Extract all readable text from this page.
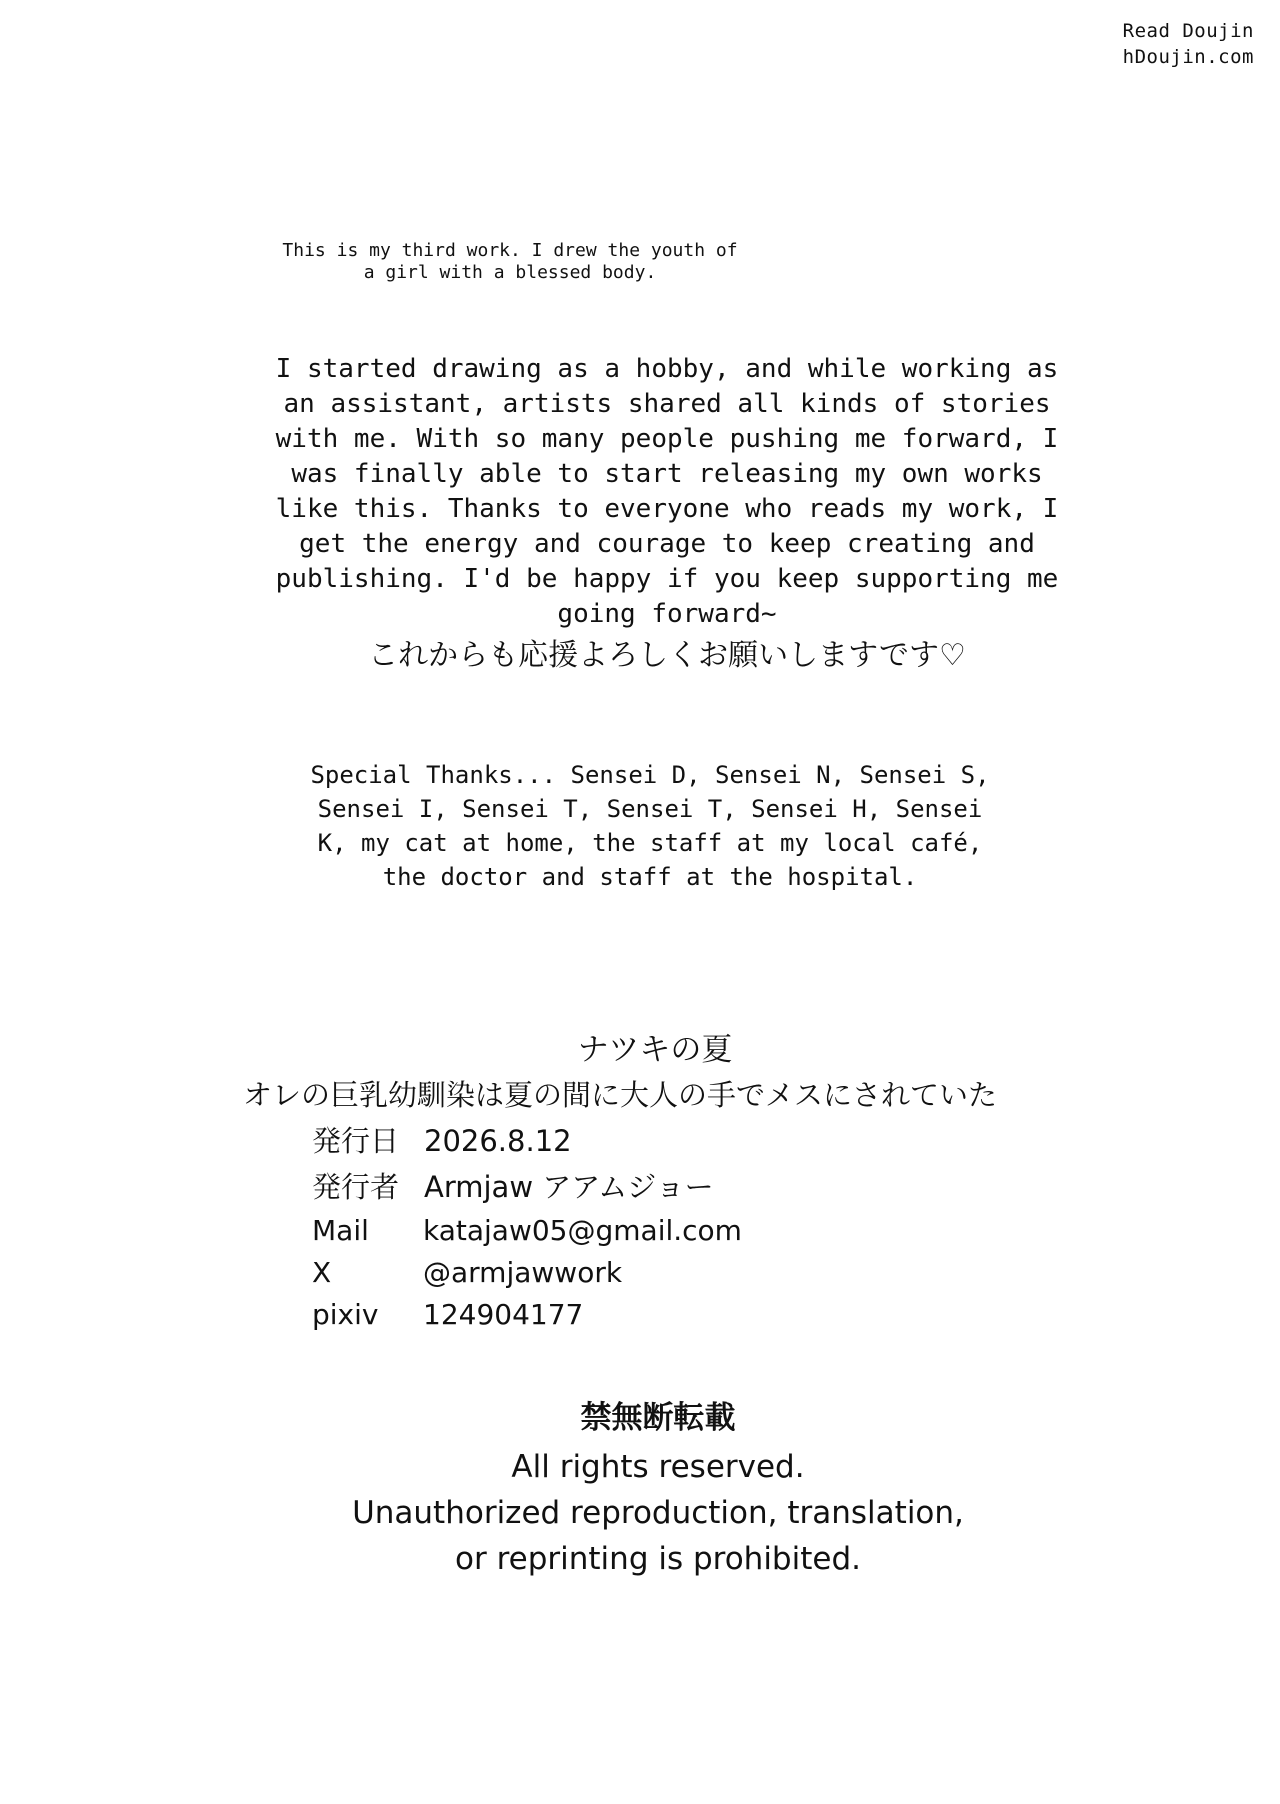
Read Doujin
hDoujin.com
This is my third work. I drew the youth of
a girl with a blessed body.
I started drawing as a hobby, and while working as an assistant, artists shared all kinds of stories with me. With so many people pushing me forward, I was finally able to start releasing my own works like this. Thanks to everyone who reads my work, I get the energy and courage to keep creating and publishing. I'd be happy if you keep supporting me going forward~
これからも応援よろしくお願いしますです♡
Special Thanks... Sensei D, Sensei N, Sensei S, Sensei I, Sensei T, Sensei T, Sensei H, Sensei K, my cat at home, the staff at my local café, the doctor and staff at the hospital.
ナツキの夏
オレの巨乳幼馴染は夏の間に大人の手でメスにされていた
発行日 2026.8.12
発行者 Armjaw アアムジョー
Mail katajaw05@gmail.com
X	@armjawwork
pixiv 124904177
禁無断転載
All rights reserved.
Unauthorized reproduction, translation,
or reprinting is prohibited.
